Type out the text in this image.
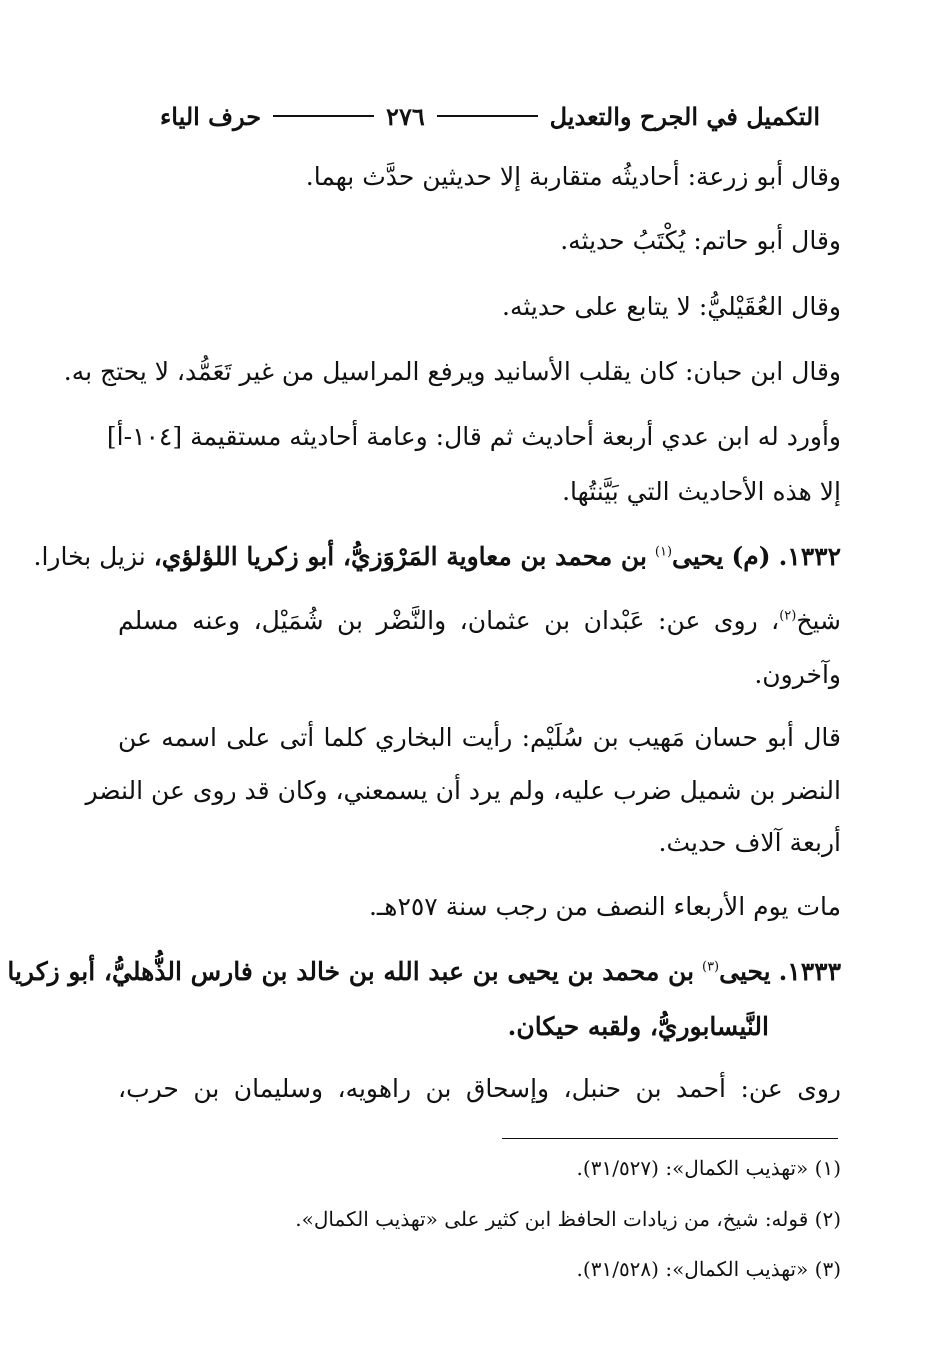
التكميل في الجرح والتعديل
٢٧٦
حرف الياء
وقال أبو زرعة: أحاديثُه متقاربة إلا حديثين حدَّث بهما.
وقال أبو حاتم: يُكْتَبُ حديثه.
وقال العُقَيْليُّ: لا يتابع على حديثه.
وقال ابن حبان: كان يقلب الأسانيد ويرفع المراسيل من غير تَعَمُّد، لا يحتج به.
وأورد له ابن عدي أربعة أحاديث ثم قال: وعامة أحاديثه مستقيمة [١٠٤-أ]
إلا هذه الأحاديث التي بَيَّنتُها.
١٣٣٢. (م) يحيى$^{(١)}$ بن محمد بن معاوية المَرْوَزيُّ، أبو زكريا اللؤلؤي، نزيل بخارا.
شيخ$^{(٢)}$، روى عن: عَبْدان بن عثمان، والنَّضْر بن شُمَيْل، وعنه مسلم
وآخرون.
قال أبو حسان مَهيب بن سُلَيْم: رأيت البخاري كلما أتى على اسمه عن
النضر بن شميل ضرب عليه، ولم يرد أن يسمعني، وكان قد روى عن النضر
أربعة آلاف حديث.
مات يوم الأربعاء النصف من رجب سنة ٢٥٧هـ.
١٣٣٣. يحيى$^{(٣)}$ بن محمد بن يحيى بن عبد الله بن خالد بن فارس الذُّهليُّ، أبو زكريا
النَّيسابوريُّ، ولقبه حيكان.
روى عن: أحمد بن حنبل، وإسحاق بن راهويه، وسليمان بن حرب،
(١) «تهذيب الكمال»: (٣١/٥٢٧).
(٢) قوله: شيخ، من زيادات الحافظ ابن كثير على «تهذيب الكمال».
(٣) «تهذيب الكمال»: (٣١/٥٢٨).
